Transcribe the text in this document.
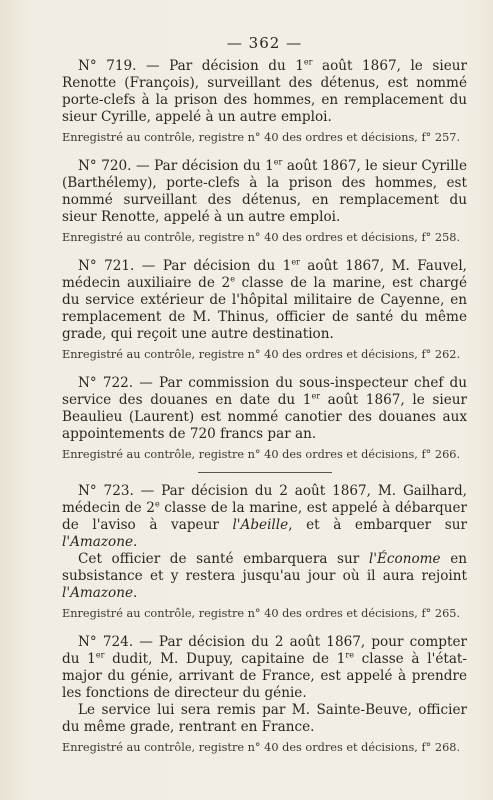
— 362 —

N° 719. — Par décision du 1er août 1867, le sieur Renotte (François), surveillant des détenus, est nommé porte-clefs à la prison des hommes, en remplacement du sieur Cyrille, appelé à un autre emploi.

Enregistré au contrôle, registre n° 40 des ordres et décisions, f° 257.

N° 720. — Par décision du 1er août 1867, le sieur Cyrille (Barthélemy), porte-clefs à la prison des hommes, est nommé surveillant des détenus, en remplacement du sieur Renotte, appelé à un autre emploi.

Enregistré au contrôle, registre n° 40 des ordres et décisions, f° 258.

N° 721. — Par décision du 1er août 1867, M. Fauvel, médecin auxiliaire de 2e classe de la marine, est chargé du service extérieur de l'hôpital militaire de Cayenne, en remplacement de M. Thinus, officier de santé du même grade, qui reçoit une autre destination.

Enregistré au contrôle, registre n° 40 des ordres et décisions, f° 262.

N° 722. — Par commission du sous-inspecteur chef du service des douanes en date du 1er août 1867, le sieur Beaulieu (Laurent) est nommé canotier des douanes aux appointements de 720 francs par an.

Enregistré au contrôle, registre n° 40 des ordres et décisions, f° 266.

N° 723. — Par décision du 2 août 1867, M. Gailhard, médecin de 2e classe de la marine, est appelé à débarquer de l'aviso à vapeur l'Abeille, et à embarquer sur l'Amazone.

Cet officier de santé embarquera sur l'Économe en subsistance et y restera jusqu'au jour où il aura rejoint l'Amazone.

Enregistré au contrôle, registre n° 40 des ordres et décisions, f° 265.

N° 724. — Par décision du 2 août 1867, pour compter du 1er dudit, M. Dupuy, capitaine de 1re classe à l'état-major du génie, arrivant de France, est appelé à prendre les fonctions de directeur du génie.

Le service lui sera remis par M. Sainte-Beuve, officier du même grade, rentrant en France.

Enregistré au contrôle, registre n° 40 des ordres et décisions, f° 268.
